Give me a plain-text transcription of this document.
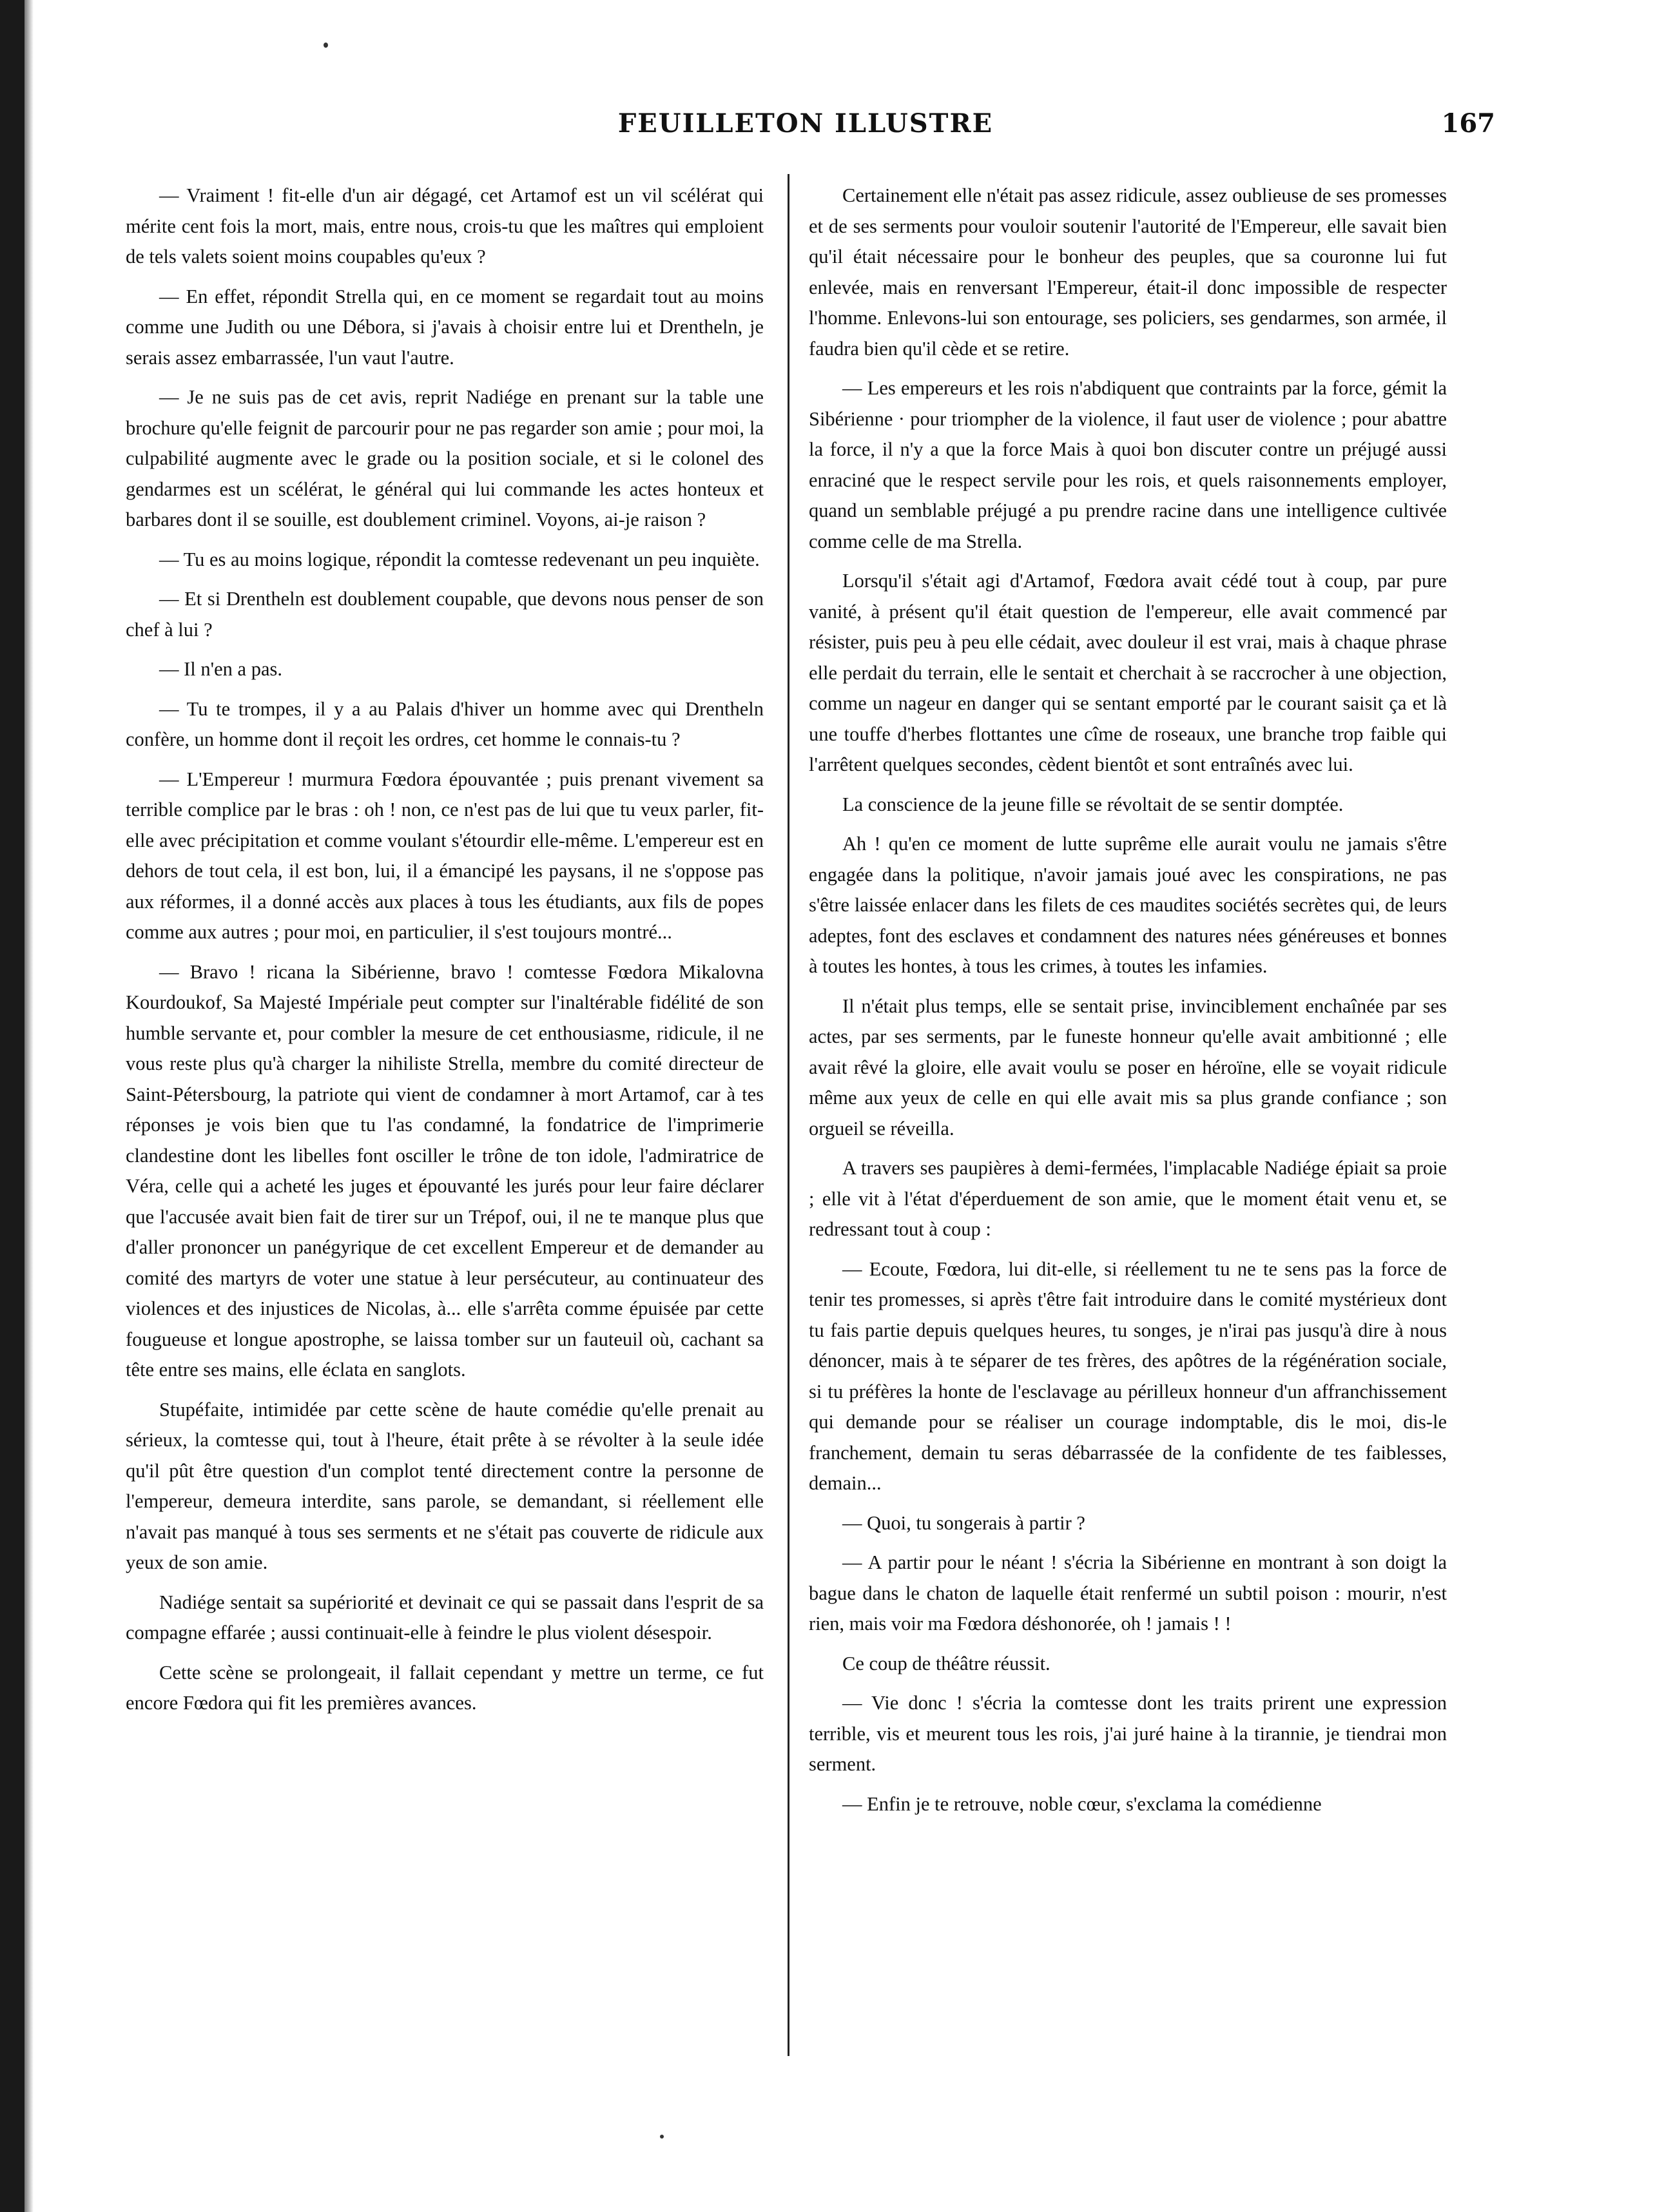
FEUILLETON ILLUSTRE	167

— Vraiment ! fit-elle d'un air dégagé, cet Artamof est un vil scélérat qui mérite cent fois la mort, mais, entre nous, crois-tu que les maîtres qui emploient de tels valets soient moins coupables qu'eux ?

— En effet, répondit Strella qui, en ce moment se regardait tout au moins comme une Judith ou une Débora, si j'avais à choisir entre lui et Drentheln, je serais assez embarrassée, l'un vaut l'autre.

— Je ne suis pas de cet avis, reprit Nadiége en prenant sur la table une brochure qu'elle feignit de parcourir pour ne pas regarder son amie ; pour moi, la culpabilité augmente avec le grade ou la position sociale, et si le colonel des gendarmes est un scélérat, le général qui lui commande les actes honteux et barbares dont il se souille, est doublement criminel. Voyons, ai-je raison ?

— Tu es au moins logique, répondit la comtesse redevenant un peu inquiète.

— Et si Drentheln est doublement coupable, que devons nous penser de son chef à lui ?

— Il n'en a pas.

— Tu te trompes, il y a au Palais d'hiver un homme avec qui Drentheln confère, un homme dont il reçoit les ordres, cet homme le connais-tu ?

— L'Empereur ! murmura Fœdora épouvantée ; puis prenant vivement sa terrible complice par le bras : oh ! non, ce n'est pas de lui que tu veux parler, fit-elle avec précipitation et comme voulant s'étourdir elle-même. L'empereur est en dehors de tout cela, il est bon, lui, il a émancipé les paysans, il ne s'oppose pas aux réformes, il a donné accès aux places à tous les étudiants, aux fils de popes comme aux autres ; pour moi, en particulier, il s'est toujours montré...

— Bravo ! ricana la Sibérienne, bravo ! comtesse Fœdora Mikalovna Kourdoukof, Sa Majesté Impériale peut compter sur l'inaltérable fidélité de son humble servante et, pour combler la mesure de cet enthousiasme, ridicule, il ne vous reste plus qu'à charger la nihiliste Strella, membre du comité directeur de Saint-Pétersbourg, la patriote qui vient de condamner à mort Artamof, car à tes réponses je vois bien que tu l'as condamné, la fondatrice de l'imprimerie clandestine dont les libelles font osciller le trône de ton idole, l'admiratrice de Véra, celle qui a acheté les juges et épouvanté les jurés pour leur faire déclarer que l'accusée avait bien fait de tirer sur un Trépof, oui, il ne te manque plus que d'aller prononcer un panégyrique de cet excellent Empereur et de demander au comité des martyrs de voter une statue à leur persécuteur, au continuateur des violences et des injustices de Nicolas, à... elle s'arrêta comme épuisée par cette fougueuse et longue apostrophe, se laissa tomber sur un fauteuil où, cachant sa tête entre ses mains, elle éclata en sanglots.

Stupéfaite, intimidée par cette scène de haute comédie qu'elle prenait au sérieux, la comtesse qui, tout à l'heure, était prête à se révolter à la seule idée qu'il pût être question d'un complot tenté directement contre la personne de l'empereur, demeura interdite, sans parole, se demandant, si réellement elle n'avait pas manqué à tous ses serments et ne s'était pas couverte de ridicule aux yeux de son amie.

Nadiége sentait sa supériorité et devinait ce qui se passait dans l'esprit de sa compagne effarée ; aussi continuait-elle à feindre le plus violent désespoir.

Cette scène se prolongeait, il fallait cependant y mettre un terme, ce fut encore Fœdora qui fit les premières avances.

Certainement elle n'était pas assez ridicule, assez oublieuse de ses promesses et de ses serments pour vouloir soutenir l'autorité de l'Empereur, elle savait bien qu'il était nécessaire pour le bonheur des peuples, que sa couronne lui fut enlevée, mais en renversant l'Empereur, était-il donc impossible de respecter l'homme. Enlevons-lui son entourage, ses policiers, ses gendarmes, son armée, il faudra bien qu'il cède et se retire.

— Les empereurs et les rois n'abdiquent que contraints par la force, gémit la Sibérienne · pour triompher de la violence, il faut user de violence ; pour abattre la force, il n'y a que la force Mais à quoi bon discuter contre un préjugé aussi enraciné que le respect servile pour les rois, et quels raisonnements employer, quand un semblable préjugé a pu prendre racine dans une intelligence cultivée comme celle de ma Strella.

Lorsqu'il s'était agi d'Artamof, Fœdora avait cédé tout à coup, par pure vanité, à présent qu'il était question de l'empereur, elle avait commencé par résister, puis peu à peu elle cédait, avec douleur il est vrai, mais à chaque phrase elle perdait du terrain, elle le sentait et cherchait à se raccrocher à une objection, comme un nageur en danger qui se sentant emporté par le courant saisit ça et là une touffe d'herbes flottantes une cîme de roseaux, une branche trop faible qui l'arrêtent quelques secondes, cèdent bientôt et sont entraînés avec lui.

La conscience de la jeune fille se révoltait de se sentir domptée.

Ah ! qu'en ce moment de lutte suprême elle aurait voulu ne jamais s'être engagée dans la politique, n'avoir jamais joué avec les conspirations, ne pas s'être laissée enlacer dans les filets de ces maudites sociétés secrètes qui, de leurs adeptes, font des esclaves et condamnent des natures nées généreuses et bonnes à toutes les hontes, à tous les crimes, à toutes les infamies.

Il n'était plus temps, elle se sentait prise, invinciblement enchaînée par ses actes, par ses serments, par le funeste honneur qu'elle avait ambitionné ; elle avait rêvé la gloire, elle avait voulu se poser en héroïne, elle se voyait ridicule même aux yeux de celle en qui elle avait mis sa plus grande confiance ; son orgueil se réveilla.

A travers ses paupières à demi-fermées, l'implacable Nadiége épiait sa proie ; elle vit à l'état d'éperduement de son amie, que le moment était venu et, se redressant tout à coup :

— Ecoute, Fœdora, lui dit-elle, si réellement tu ne te sens pas la force de tenir tes promesses, si après t'être fait introduire dans le comité mystérieux dont tu fais partie depuis quelques heures, tu songes, je n'irai pas jusqu'à dire à nous dénoncer, mais à te séparer de tes frères, des apôtres de la régénération sociale, si tu préfères la honte de l'esclavage au périlleux honneur d'un affranchissement qui demande pour se réaliser un courage indomptable, dis le moi, dis-le franchement, demain tu seras débarrassée de la confidente de tes faiblesses, demain...

— Quoi, tu songerais à partir ?

— A partir pour le néant ! s'écria la Sibérienne en montrant à son doigt la bague dans le chaton de laquelle était renfermé un subtil poison : mourir, n'est rien, mais voir ma Fœdora déshonorée, oh ! jamais ! !

Ce coup de théâtre réussit.

— Vie donc ! s'écria la comtesse dont les traits prirent une expression terrible, vis et meurent tous les rois, j'ai juré haine à la tirannie, je tiendrai mon serment.

— Enfin je te retrouve, noble cœur, s'exclama la comédienne
